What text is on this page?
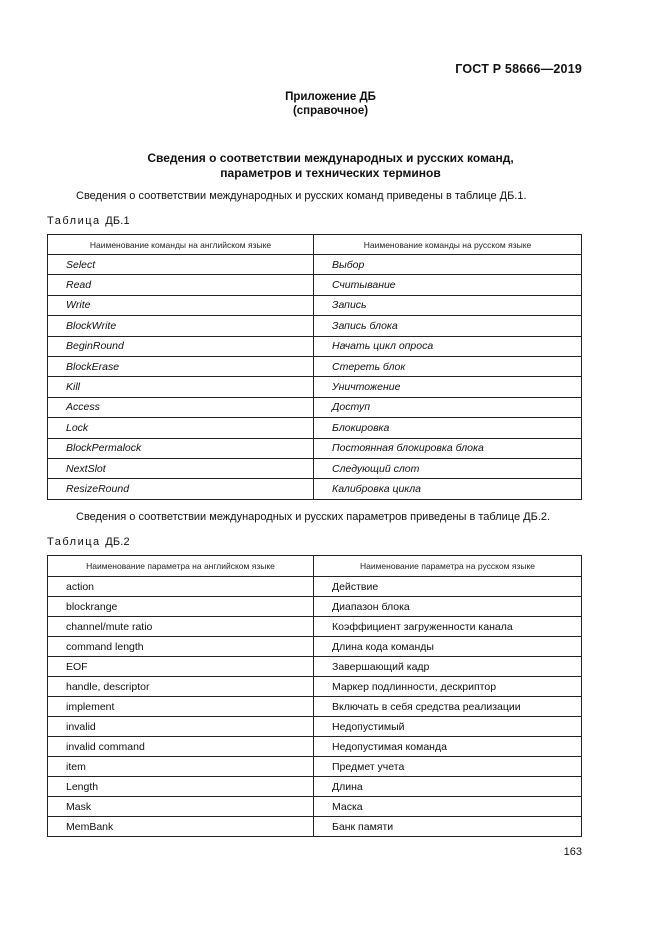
ГОСТ Р 58666—2019
Приложение ДБ
(справочное)
Сведения о соответствии международных и русских команд,
параметров и технических терминов
Сведения о соответствии международных и русских команд приведены в таблице ДБ.1.
Таблица ДБ.1
Наименование команды на английском языке	Наименование команды на русском языке
Select	Выбор
Read	Считывание
Write	Запись
BlockWrite	Запись блока
BeginRound	Начать цикл опроса
BlockErase	Стереть блок
Kill	Уничтожение
Access	Доступ
Lock	Блокировка
BlockPermalock	Постоянная блокировка блока
NextSlot	Следующий слот
ResizeRound	Калибровка цикла
Сведения о соответствии международных и русских параметров приведены в таблице ДБ.2.
Таблица ДБ.2
Наименование параметра на английском языке	Наименование параметра на русском языке
action	Действие
blockrange	Диапазон блока
channel/mute ratio	Коэффициент загруженности канала
command length	Длина кода команды
EOF	Завершающий кадр
handle, descriptor	Маркер подлинности, дескриптор
implement	Включать в себя средства реализации
invalid	Недопустимый
invalid command	Недопустимая команда
item	Предмет учета
Length	Длина
Mask	Маска
MemBank	Банк памяти
163
